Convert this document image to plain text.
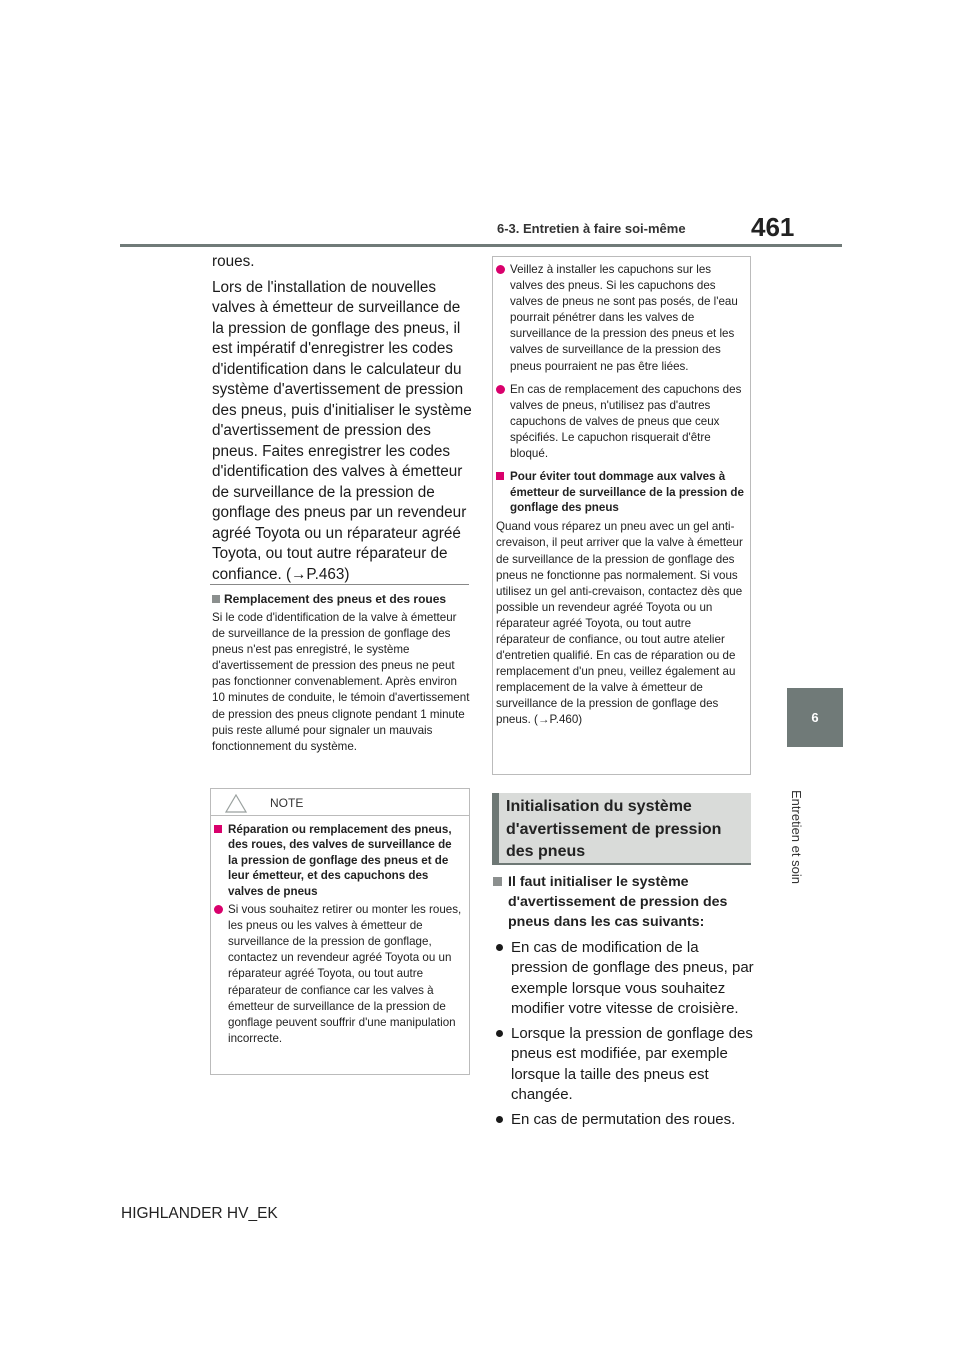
6-3. Entretien à faire soi-même	461
6
Entretien et soin

roues.

Lors de l'installation de nouvelles valves à émetteur de surveillance de la pression de gonflage des pneus, il est impératif d'enregistrer les codes d'identification dans le calculateur du système d'avertissement de pression des pneus, puis d'initialiser le système d'avertissement de pression des pneus. Faites enregistrer les codes d'identification des valves à émetteur de surveillance de la pression de gonflage des pneus par un revendeur agréé Toyota ou un réparateur agréé Toyota, ou tout autre réparateur de confiance. (→P.463)

Remplacement des pneus et des roues
Si le code d'identification de la valve à émetteur de surveillance de la pression de gonflage des pneus n'est pas enregistré, le système d'avertissement de pression des pneus ne peut pas fonctionner convenablement. Après environ 10 minutes de conduite, le témoin d'avertissement de pression des pneus clignote pendant 1 minute puis reste allumé pour signaler un mauvais fonctionnement du système.
NOTE
Réparation ou remplacement des pneus, des roues, des valves de surveillance de la pression de gonflage des pneus et de leur émetteur, et des capuchons des valves de pneus
Si vous souhaitez retirer ou monter les roues, les pneus ou les valves à émetteur de surveillance de la pression de gonflage, contactez un revendeur agréé Toyota ou un réparateur agréé Toyota, ou tout autre réparateur de confiance car les valves à émetteur de surveillance de la pression de gonflage peuvent souffrir d'une manipulation incorrecte.
Veillez à installer les capuchons sur les valves des pneus. Si les capuchons des valves de pneus ne sont pas posés, de l'eau pourrait pénétrer dans les valves de surveillance de la pression des pneus et les valves de surveillance de la pression des pneus pourraient ne pas être liées.
En cas de remplacement des capuchons des valves de pneus, n'utilisez pas d'autres capuchons de valves de pneus que ceux spécifiés. Le capuchon risquerait d'être bloqué.
Pour éviter tout dommage aux valves à émetteur de surveillance de la pression de gonflage des pneus
Quand vous réparez un pneu avec un gel anti-crevaison, il peut arriver que la valve à émetteur de surveillance de la pression de gonflage des pneus ne fonctionne pas normalement. Si vous utilisez un gel anti-crevaison, contactez dès que possible un revendeur agréé Toyota ou un réparateur agréé Toyota, ou tout autre réparateur de confiance, ou tout autre atelier d'entretien qualifié. En cas de réparation ou de remplacement d'un pneu, veillez également au remplacement de la valve à émetteur de surveillance de la pression de gonflage des pneus. (→P.460)
Initialisation du système d'avertissement de pression des pneus
Il faut initialiser le système d'avertissement de pression des pneus dans les cas suivants:
En cas de modification de la pression de gonflage des pneus, par exemple lorsque vous souhaitez modifier votre vitesse de croisière.
Lorsque la pression de gonflage des pneus est modifiée, par exemple lorsque la taille des pneus est changée.
En cas de permutation des roues.
HIGHLANDER HV_EK
